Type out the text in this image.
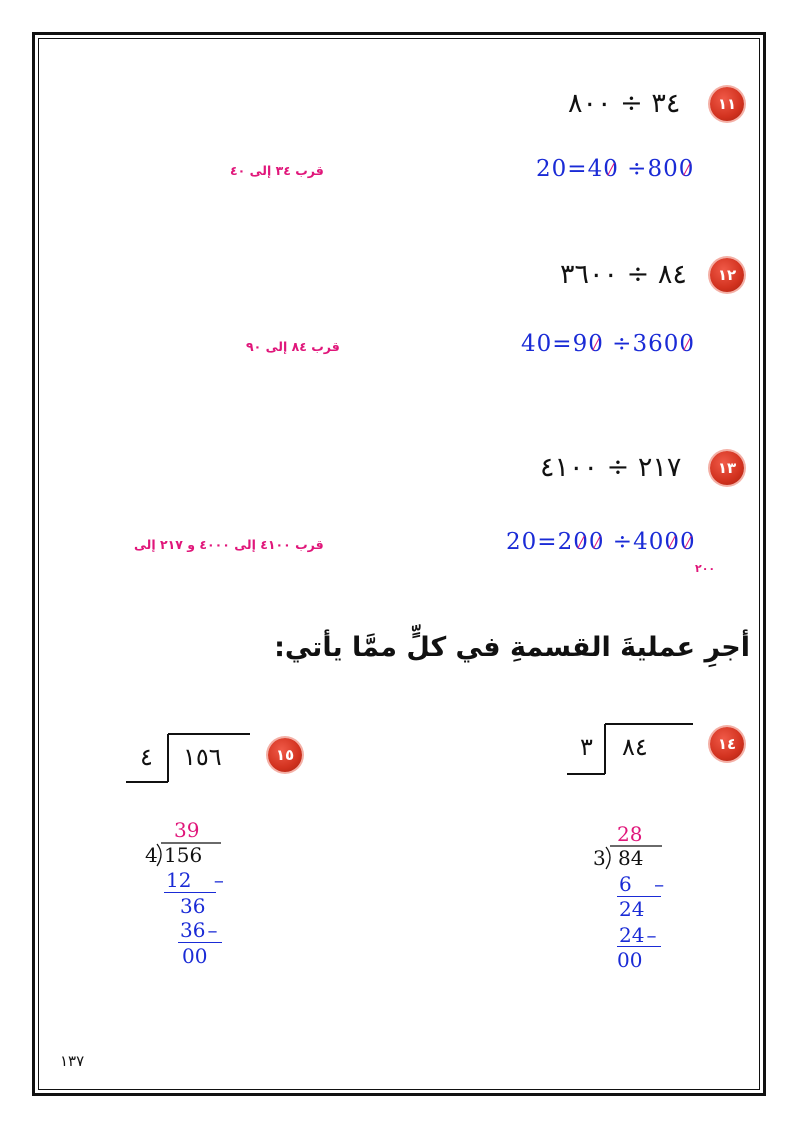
١١
٣٤ ÷ ٨٠٠
قرب ٣٤ إلى ٤٠	20=40 ÷800
١٢
٨٤ ÷ ٣٦٠٠
قرب ٨٤ إلى ٩٠	40=90 ÷3600
١٣
٢١٧ ÷ ٤١٠٠
قرب ٤١٠٠ إلى ٤٠٠٠ و ٢١٧ إلى
٢٠٠
20=200 ÷4000
أجرِ عمليةَ القسمةِ في كلٍّ ممَّا يأتي:
١٤
٣ ٨٤
28
3 84
6 –
24
24 –
00
١٥
٤ ١٥٦
39
4 156
12 –
36
36 –
00
١٣٧
